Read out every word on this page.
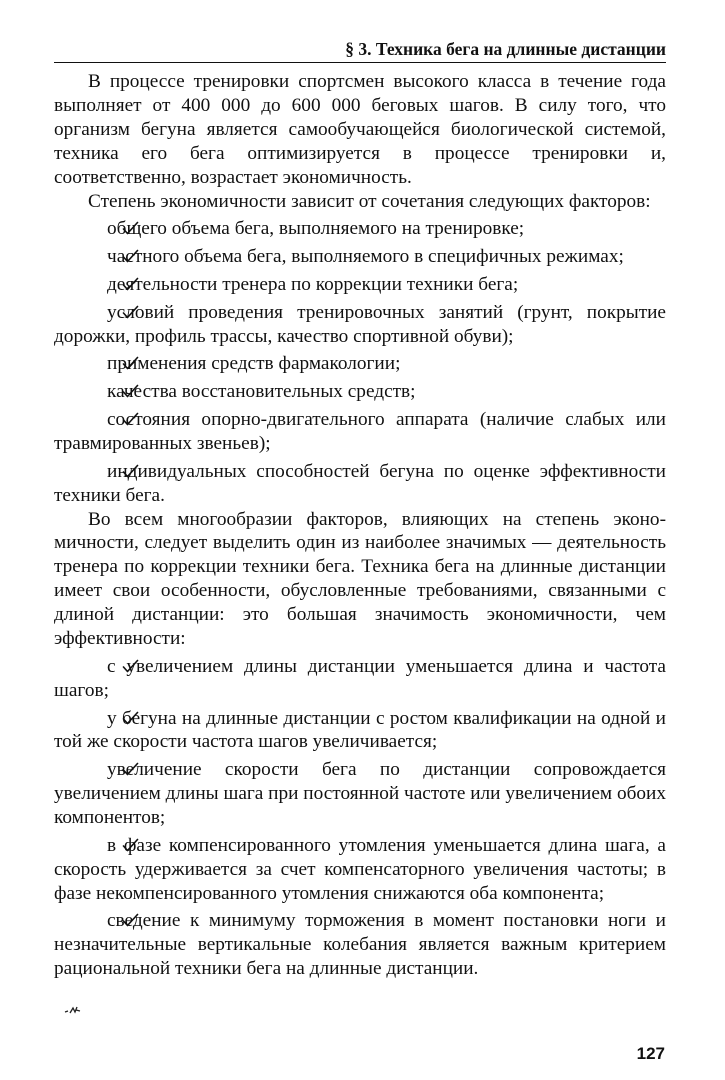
§ 3. Техника бега на длинные дистанции

В процессе тренировки спортсмен высокого класса в течение года выполняет от 400 000 до 600 000 беговых шагов. В силу того, что организм бегуна является самообучающейся биологической системой, техника его бега оптимизируется в процессе тренировки и, соответственно, возрастает экономичность.

Степень экономичности зависит от сочетания следующих факторов:

общего объема бега, выполняемого на тренировке;

частного объема бега, выполняемого в специфичных режимах;

деятельности тренера по коррекции техники бега;

условий проведения тренировочных занятий (грунт, покрытие дорожки, профиль трассы, качество спортивной обуви);

применения средств фармакологии;

качества восстановительных средств;

состояния опорно-двигательного аппарата (наличие слабых или травмированных звеньев);

индивидуальных способностей бегуна по оценке эффективности техники бега.

Во всем многообразии факторов, влияющих на степень экономичности, следует выделить один из наиболее значимых — деятельность тренера по коррекции техники бега. Техника бега на длинные дистанции имеет свои особенности, обусловленные требованиями, связанными с длиной дистанции: это большая значимость экономичности, чем эффективности:

с увеличением длины дистанции уменьшается длина и частота шагов;

у бегуна на длинные дистанции с ростом квалификации на одной и той же скорости частота шагов увеличивается;

увеличение скорости бега по дистанции сопровождается увеличением длины шага при постоянной частоте или увеличением обоих компонентов;

в фазе компенсированного утомления уменьшается длина шага, а скорость удерживается за счет компенсаторного увеличения частоты; в фазе некомпенсированного утомления снижаются оба компонента;

сведение к минимуму торможения в момент постановки ноги и незначительные вертикальные колебания является важным критерием рациональной техники бега на длинные дистанции.

127
